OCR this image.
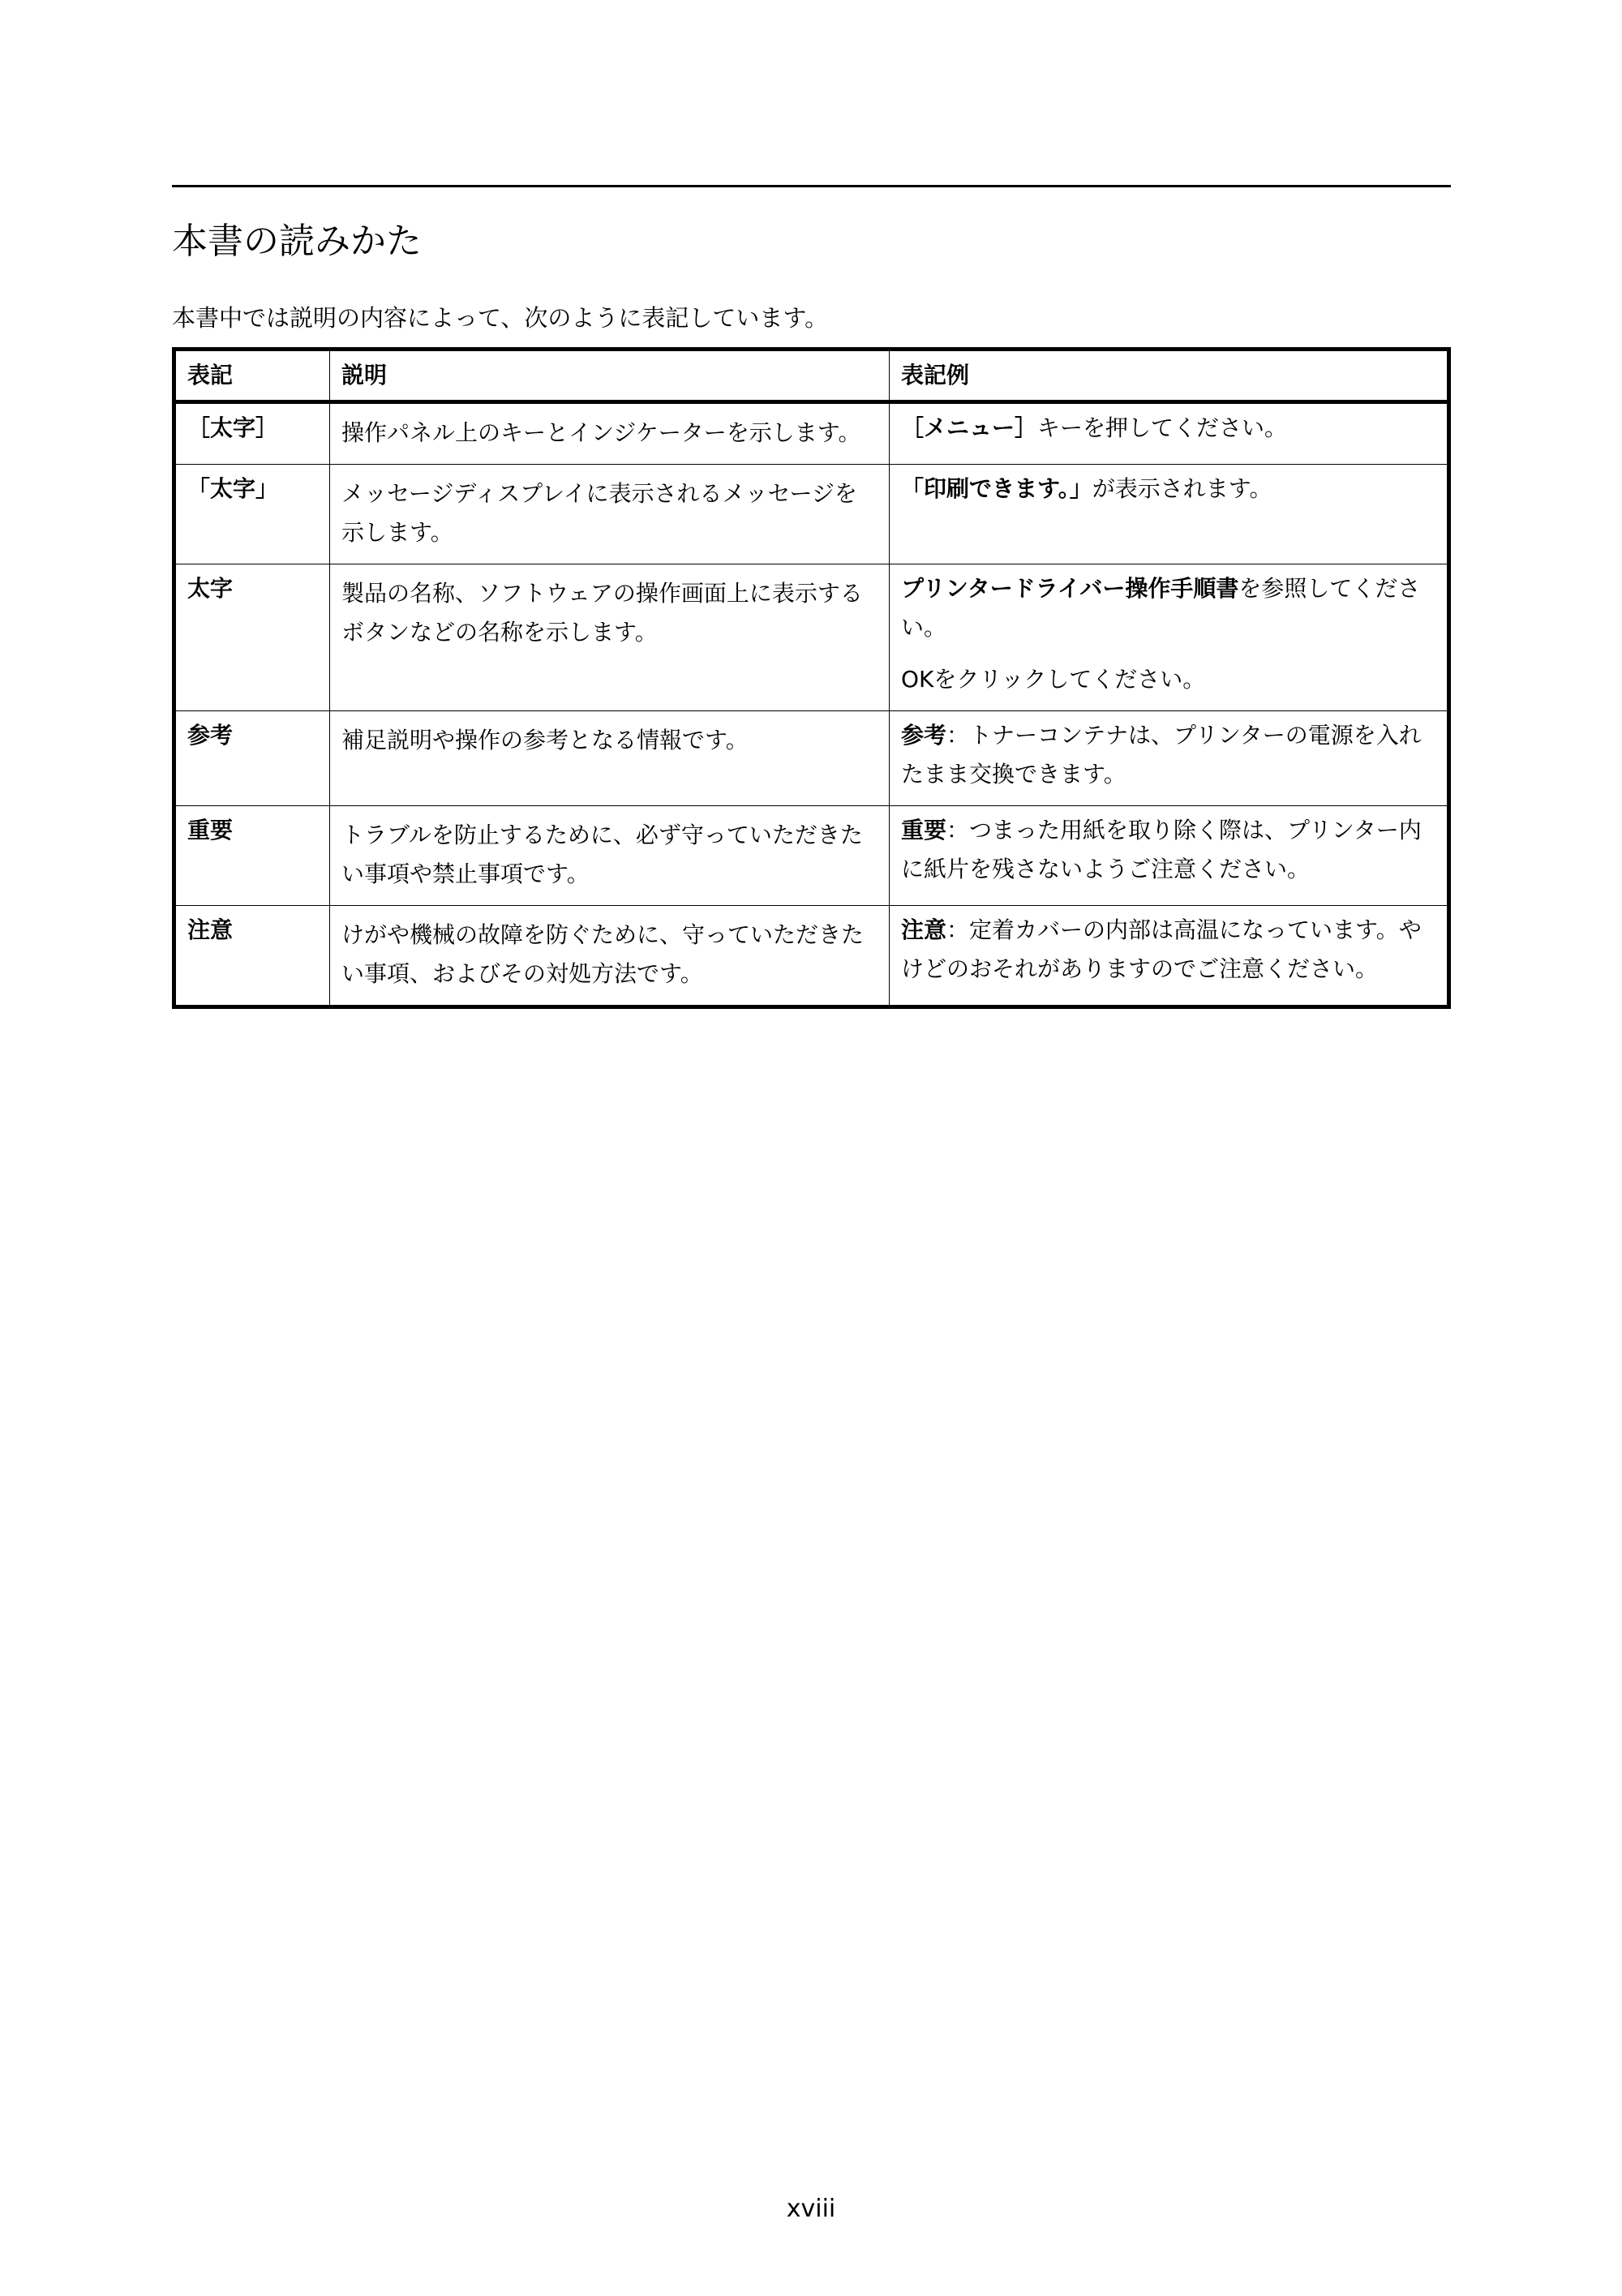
本書の読みかた
本書中では説明の内容によって、次のように表記しています。
表記	説明	表記例
［太字］	操作パネル上のキーとインジケーターを示します。	［メニュー］キーを押してください。

「太字」	メッセージディスプレイに表示されるメッセージを示します。	「印刷できます。」が表示されます。

太字	製品の名称、ソフトウェアの操作画面上に表示するボタンなどの名称を示します。	プリンタードライバー操作手順書を参照してください。

OKをクリックしてください。

参考	補足説明や操作の参考となる情報です。	参考：トナーコンテナは、プリンターの電源を入れたまま交換できます。

重要	トラブルを防止するために、必ず守っていただきたい事項や禁止事項です。	重要：つまった用紙を取り除く際は、プリンター内に紙片を残さないようご注意ください。

注意	けがや機械の故障を防ぐために、守っていただきたい事項、およびその対処方法です。	注意：定着カバーの内部は高温になっています。やけどのおそれがありますのでご注意ください。

xviii
